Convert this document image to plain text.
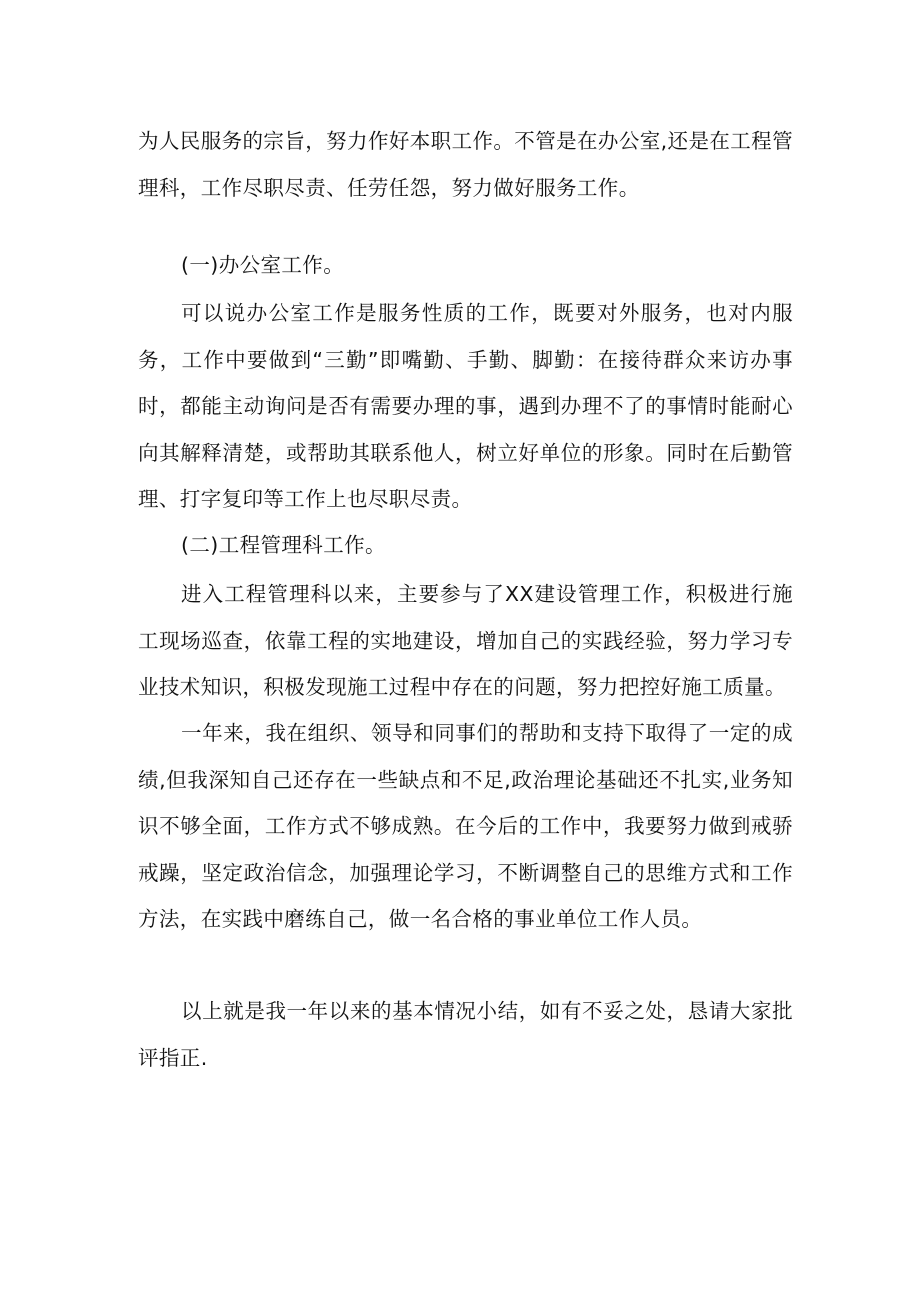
为人民服务的宗旨，努力作好本职工作。不管是在办公室,还是在工程管理科，工作尽职尽责、任劳任怨，努力做好服务工作。

(一)办公室工作。

可以说办公室工作是服务性质的工作，既要对外服务，也对内服务，工作中要做到“三勤”即嘴勤、手勤、脚勤：在接待群众来访办事时，都能主动询问是否有需要办理的事，遇到办理不了的事情时能耐心向其解释清楚，或帮助其联系他人，树立好单位的形象。同时在后勤管理、打字复印等工作上也尽职尽责。

(二)工程管理科工作。

进入工程管理科以来，主要参与了XX建设管理工作，积极进行施工现场巡查，依靠工程的实地建设，增加自己的实践经验，努力学习专业技术知识，积极发现施工过程中存在的问题，努力把控好施工质量。

一年来，我在组织、领导和同事们的帮助和支持下取得了一定的成绩,但我深知自己还存在一些缺点和不足,政治理论基础还不扎实,业务知识不够全面，工作方式不够成熟。在今后的工作中，我要努力做到戒骄戒躁，坚定政治信念，加强理论学习，不断调整自己的思维方式和工作方法，在实践中磨练自己，做一名合格的事业单位工作人员。

以上就是我一年以来的基本情况小结，如有不妥之处，恳请大家批评指正.
